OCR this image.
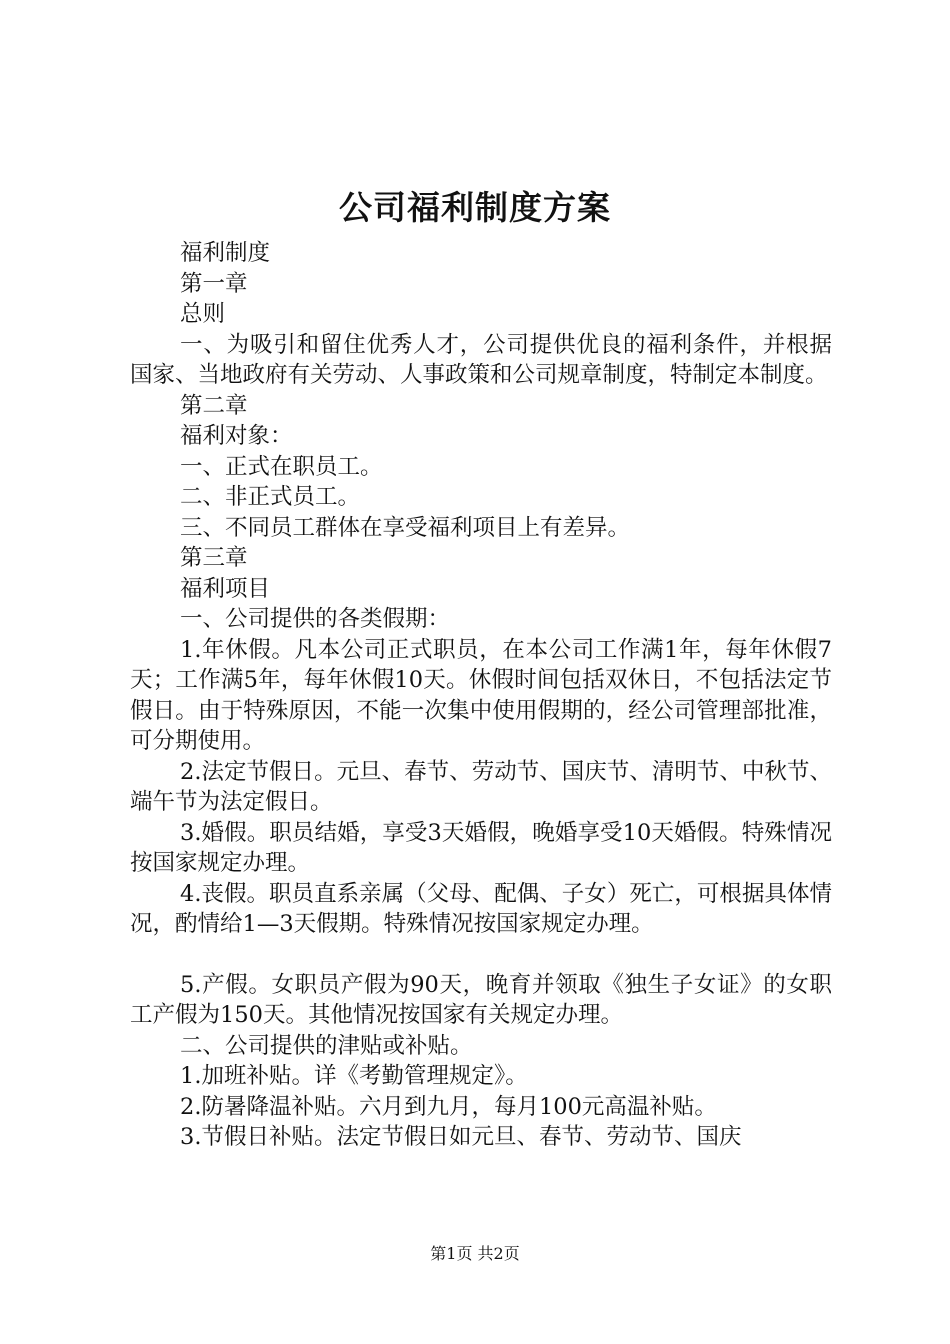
公司福利制度方案

福利制度

第一章

总则

一、为吸引和留住优秀人才，公司提供优良的福利条件，并根据国家、当地政府有关劳动、人事政策和公司规章制度，特制定本制度。

第二章

福利对象：

一、正式在职员工。

二、非正式员工。

三、不同员工群体在享受福利项目上有差异。

第三章

福利项目

一、公司提供的各类假期：

1.年休假。凡本公司正式职员，在本公司工作满1年，每年休假7天；工作满5年，每年休假10天。休假时间包括双休日，不包括法定节假日。由于特殊原因，不能一次集中使用假期的，经公司管理部批准，可分期使用。

2.法定节假日。元旦、春节、劳动节、国庆节、清明节、中秋节、端午节为法定假日。

3.婚假。职员结婚，享受3天婚假，晚婚享受10天婚假。特殊情况按国家规定办理。

4.丧假。职员直系亲属（父母、配偶、子女）死亡，可根据具体情况，酌情给1—3天假期。特殊情况按国家规定办理。

5.产假。女职员产假为90天，晚育并领取《独生子女证》的女职工产假为150天。其他情况按国家有关规定办理。

二、公司提供的津贴或补贴。

1.加班补贴。详《考勤管理规定》。

2.防暑降温补贴。六月到九月，每月100元高温补贴。

3.节假日补贴。法定节假日如元旦、春节、劳动节、国庆

第1页 共2页
